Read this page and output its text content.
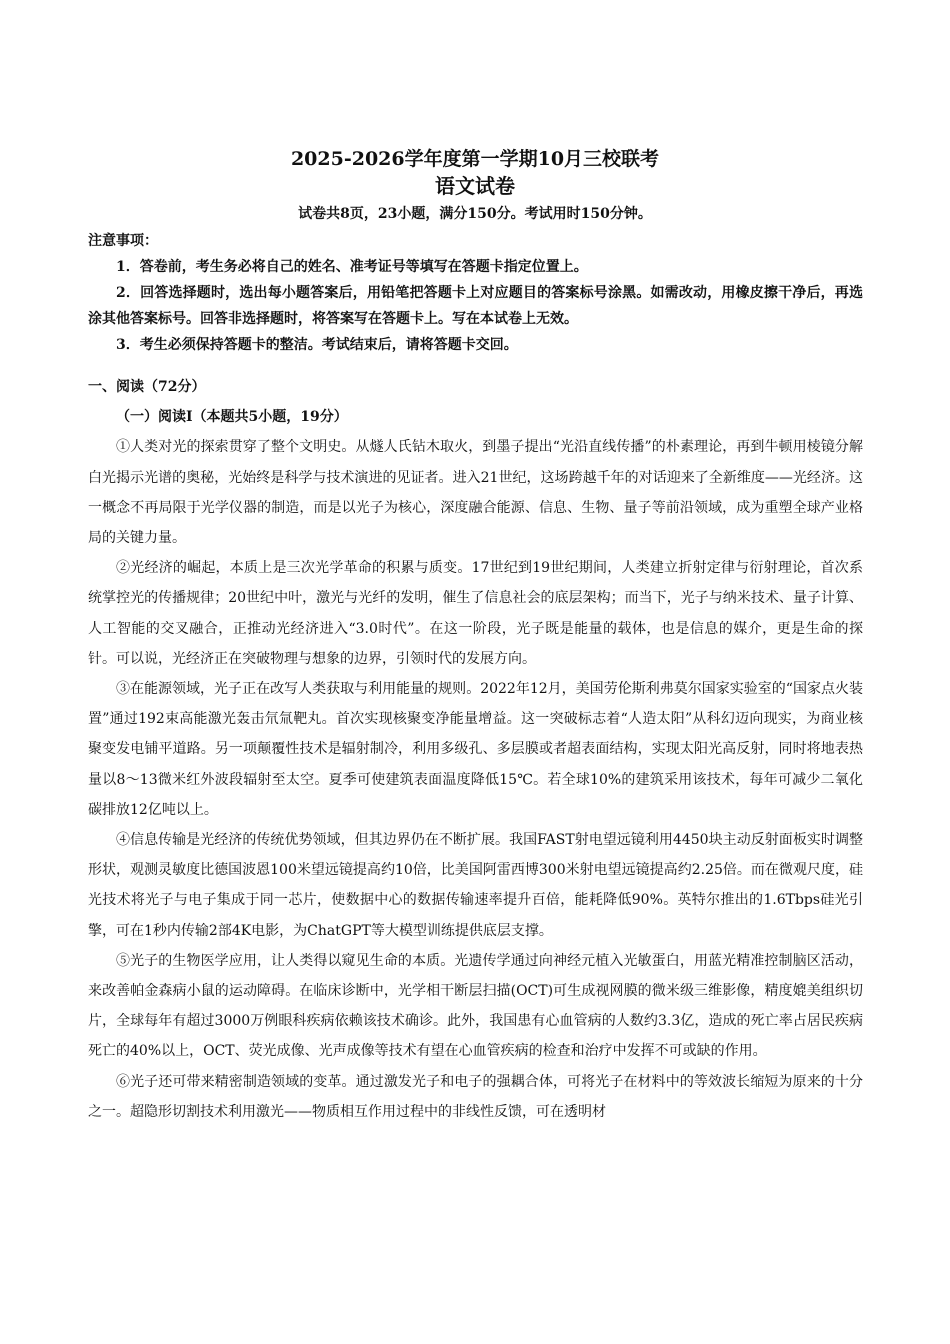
2025-2026学年度第一学期10月三校联考
语文试卷
试卷共8页，23小题，满分150分。考试用时150分钟。

注意事项：

1．答卷前，考生务必将自己的姓名、准考证号等填写在答题卡指定位置上。

2．回答选择题时，选出每小题答案后，用铅笔把答题卡上对应题目的答案标号涂黑。如需改动，用橡皮擦干净后，再选涂其他答案标号。回答非选择题时，将答案写在答题卡上。写在本试卷上无效。

3．考生必须保持答题卡的整洁。考试结束后，请将答题卡交回。

一、阅读（72分）

（一）阅读Ⅰ（本题共5小题，19分）

①人类对光的探索贯穿了整个文明史。从燧人氏钻木取火，到墨子提出“光沿直线传播”的朴素理论，再到牛顿用棱镜分解白光揭示光谱的奥秘，光始终是科学与技术演进的见证者。进入21世纪，这场跨越千年的对话迎来了全新维度——光经济。这一概念不再局限于光学仪器的制造，而是以光子为核心，深度融合能源、信息、生物、量子等前沿领域，成为重塑全球产业格局的关键力量。

②光经济的崛起，本质上是三次光学革命的积累与质变。17世纪到19世纪期间，人类建立折射定律与衍射理论，首次系统掌控光的传播规律；20世纪中叶，激光与光纤的发明，催生了信息社会的底层架构；而当下，光子与纳米技术、量子计算、人工智能的交叉融合，正推动光经济进入“3.0时代”。在这一阶段，光子既是能量的载体，也是信息的媒介，更是生命的探针。可以说，光经济正在突破物理与想象的边界，引领时代的发展方向。

③在能源领域，光子正在改写人类获取与利用能量的规则。2022年12月，美国劳伦斯利弗莫尔国家实验室的“国家点火装置”通过192束高能激光轰击氘氚靶丸。首次实现核聚变净能量增益。这一突破标志着“人造太阳”从科幻迈向现实，为商业核聚变发电铺平道路。另一项颠覆性技术是辐射制冷，利用多级孔、多层膜或者超表面结构，实现太阳光高反射，同时将地表热量以8～13微米红外波段辐射至太空。夏季可使建筑表面温度降低15℃。若全球10%的建筑采用该技术，每年可减少二氧化碳排放12亿吨以上。

④信息传输是光经济的传统优势领域，但其边界仍在不断扩展。我国FAST射电望远镜利用4450块主动反射面板实时调整形状，观测灵敏度比德国波恩100米望远镜提高约10倍，比美国阿雷西博300米射电望远镜提高约2.25倍。而在微观尺度，硅光技术将光子与电子集成于同一芯片，使数据中心的数据传输速率提升百倍，能耗降低90%。英特尔推出的1.6Tbps硅光引擎，可在1秒内传输2部4K电影，为ChatGPT等大模型训练提供底层支撑。

⑤光子的生物医学应用，让人类得以窥见生命的本质。光遗传学通过向神经元植入光敏蛋白，用蓝光精准控制脑区活动，来改善帕金森病小鼠的运动障碍。在临床诊断中，光学相干断层扫描(OCT)可生成视网膜的微米级三维影像，精度媲美组织切片，全球每年有超过3000万例眼科疾病依赖该技术确诊。此外，我国患有心血管病的人数约3.3亿，造成的死亡率占居民疾病死亡的40%以上，OCT、荧光成像、光声成像等技术有望在心血管疾病的检查和治疗中发挥不可或缺的作用。

⑥光子还可带来精密制造领域的变革。通过激发光子和电子的强耦合体，可将光子在材料中的等效波长缩短为原来的十分之一。超隐形切割技术利用激光——物质相互作用过程中的非线性反馈，可在透明材
